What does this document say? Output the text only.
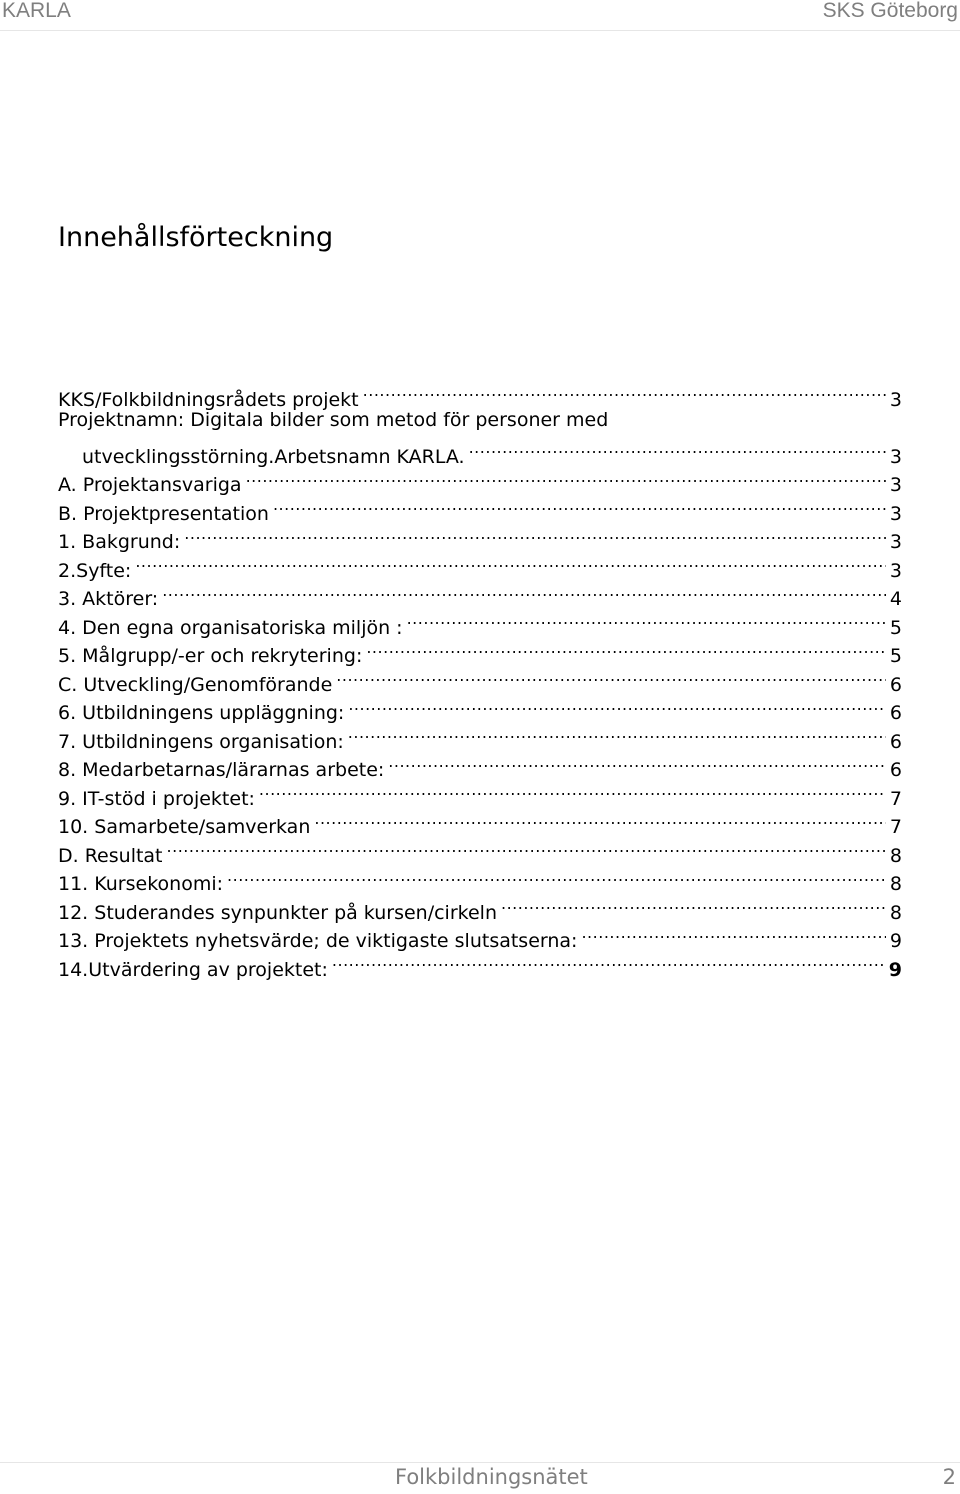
KARLA	SKS Göteborg
Innehållsförteckning
KKS/Folkbildningsrådets projekt .....	3
Projektnamn: Digitala bilder som metod för personer med
utvecklingsstörning.Arbetsnamn KARLA. .....	3
A. Projektansvariga .....	3
B. Projektpresentation .....	3
1. Bakgrund: .....	3
2.Syfte: .....	3
3. Aktörer: .....	4
4. Den egna organisatoriska miljön : .....	5
5. Målgrupp/-er och rekrytering: .....	5
C. Utveckling/Genomförande .....	6
6. Utbildningens uppläggning: .....	6
7. Utbildningens organisation: .....	6
8. Medarbetarnas/lärarnas arbete: .....	6
9. IT-stöd i projektet: .....	7
10. Samarbete/samverkan .....	7
D. Resultat .....	8
11. Kursekonomi: .....	8
12. Studerandes synpunkter på kursen/cirkeln .....	8
13. Projektets nyhetsvärde; de viktigaste slutsatserna: .....	9
14.Utvärdering av projektet: .....	9
Folkbildningsnätet	2
